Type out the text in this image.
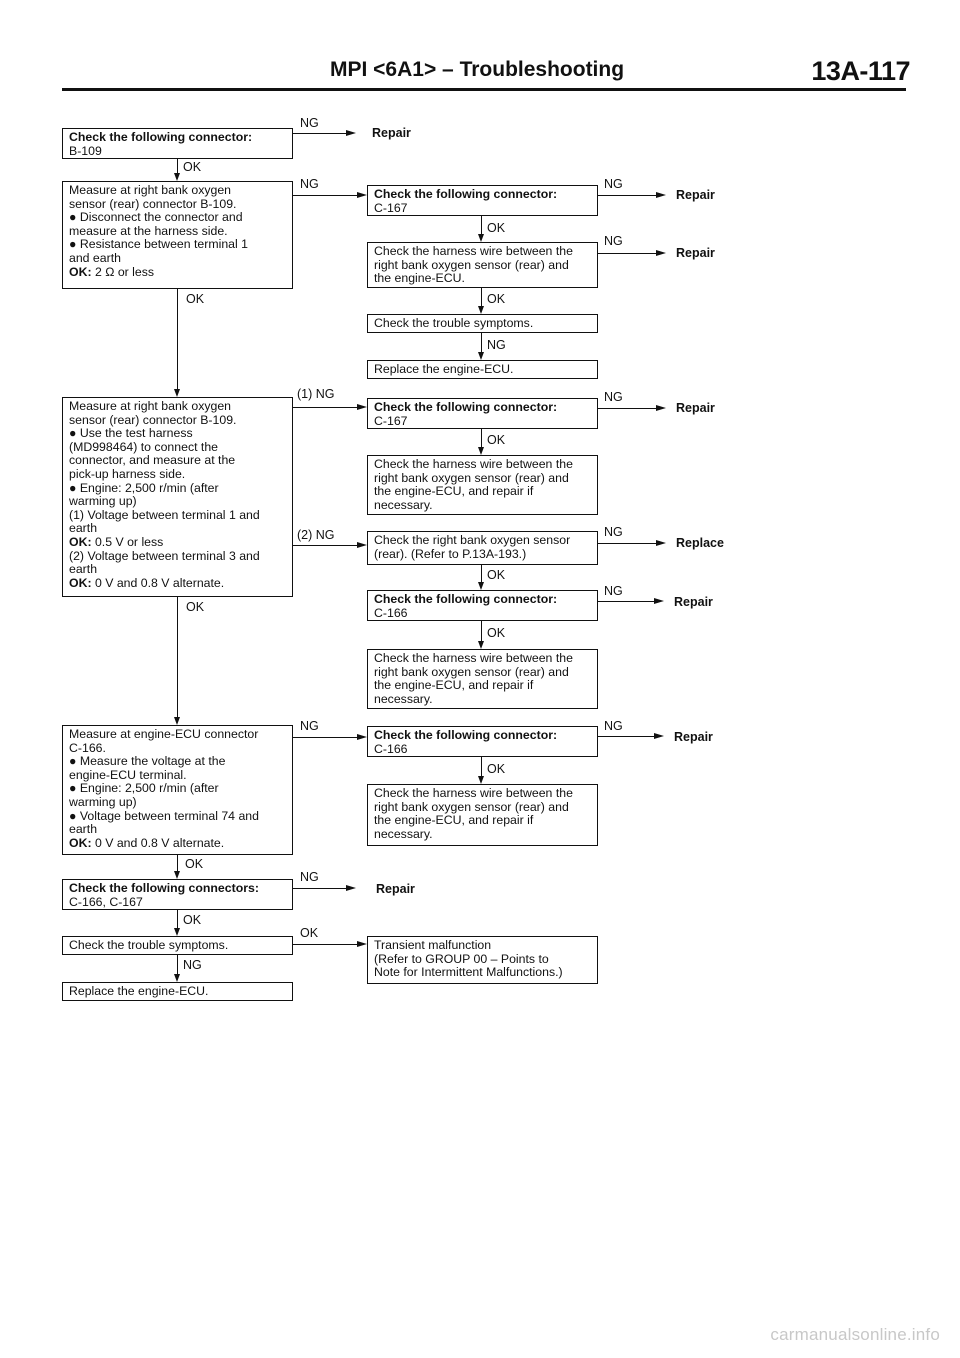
MPI <6A1> – Troubleshooting	13A-117
Check the following connector:
B-109
Measure at right bank oxygen
sensor (rear) connector B-109.
● Disconnect the connector and
measure at the harness side.
● Resistance between terminal 1
and earth
OK: 2 Ω or less
Measure at right bank oxygen
sensor (rear) connector B-109.
● Use the test harness
(MD998464) to connect the
connector, and measure at the
pick-up harness side.
● Engine: 2,500 r/min (after
warming up)
(1) Voltage between terminal 1 and
earth
OK: 0.5 V or less
(2) Voltage between terminal 3 and
earth
OK: 0 V and 0.8 V alternate.
Measure at engine-ECU connector
C-166.
● Measure the voltage at the
engine-ECU terminal.
● Engine: 2,500 r/min (after
warming up)
● Voltage between terminal 74 and
earth
OK: 0 V and 0.8 V alternate.
Check the following connectors:
C-166, C-167
Check the trouble symptoms.
Replace the engine-ECU.
Check the following connector:
C-167
Check the harness wire between the
right bank oxygen sensor (rear) and
the engine-ECU.
Check the trouble symptoms.
Replace the engine-ECU.
Check the following connector:
C-167
Check the harness wire between the
right bank oxygen sensor (rear) and
the engine-ECU, and repair if
necessary.
Check the right bank oxygen sensor
(rear). (Refer to P.13A-193.)
Check the following connector:
C-166
Check the harness wire between the
right bank oxygen sensor (rear) and
the engine-ECU, and repair if
necessary.
Check the following connector:
C-166
Check the harness wire between the
right bank oxygen sensor (rear) and
the engine-ECU, and repair if
necessary.
Transient malfunction
(Refer to GROUP 00 – Points to
Note for Intermittent Malfunctions.)
OK
OK
OK
OK
OK
NG
OK
OK
NG
OK
OK
OK
OK
NG
Repair
NG
(1) NG
(2) NG
NG
NG
Repair
OK
NG
Repair
NG
Repair
NG
Repair
NG
Replace
NG
Repair
NG
Repair
carmanualsonline.info
